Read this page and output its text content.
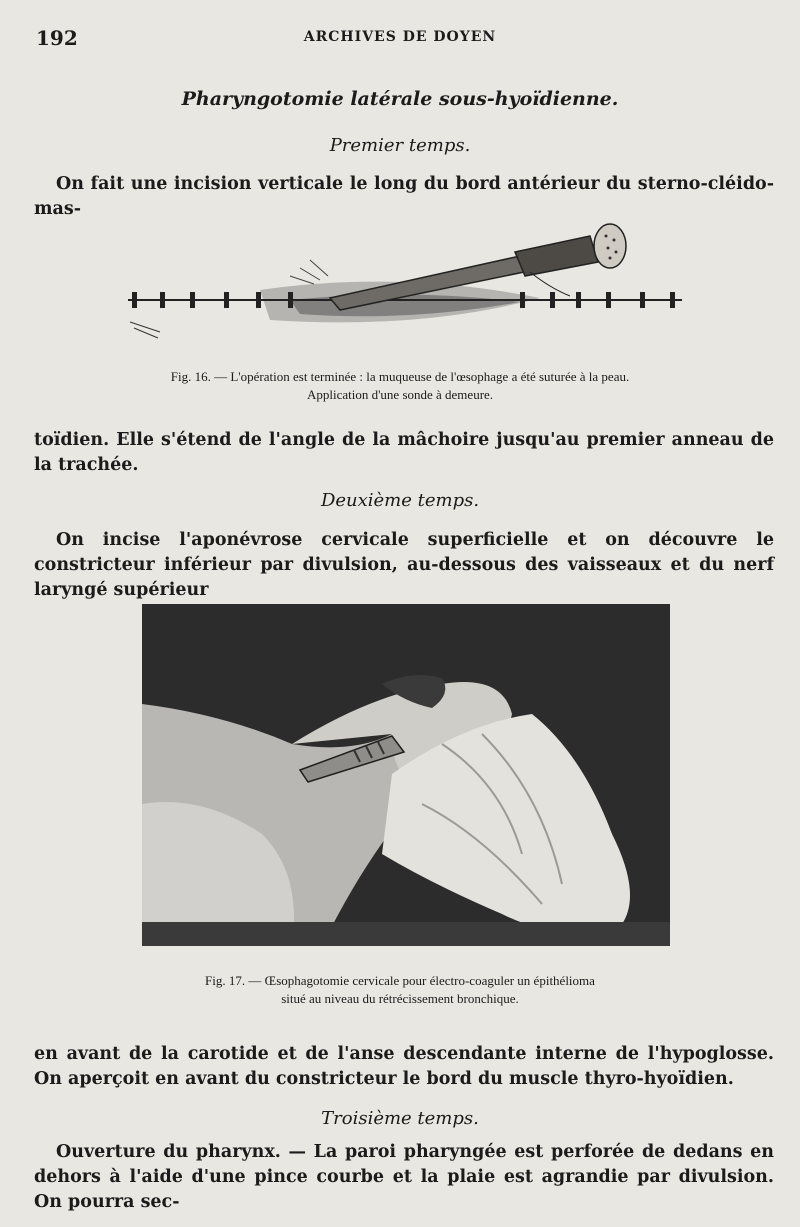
192	ARCHIVES DE DOYEN
Pharyngotomie latérale sous-hyoïdienne.
Premier temps.
On fait une incision verticale le long du bord antérieur du sterno-cléido-mas-
Fig. 16. — L'opération est terminée : la muqueuse de l'œsophage a été suturée à la peau.
Application d'une sonde à demeure.
toïdien. Elle s'étend de l'angle de la mâchoire jusqu'au premier anneau de la trachée.
Deuxième temps.
On incise l'aponévrose cervicale superficielle et on découvre le constricteur inférieur par divulsion, au-dessous des vaisseaux et du nerf laryngé supérieur
Fig. 17. — Œsophagotomie cervicale pour électro-coaguler un épithélioma
situé au niveau du rétrécissement bronchique.
en avant de la carotide et de l'anse descendante interne de l'hypoglosse. On aperçoit en avant du constricteur le bord du muscle thyro-hyoïdien.
Troisième temps.
Ouverture du pharynx. — La paroi pharyngée est perforée de dedans en dehors à l'aide d'une pince courbe et la plaie est agrandie par divulsion. On pourra sec-
